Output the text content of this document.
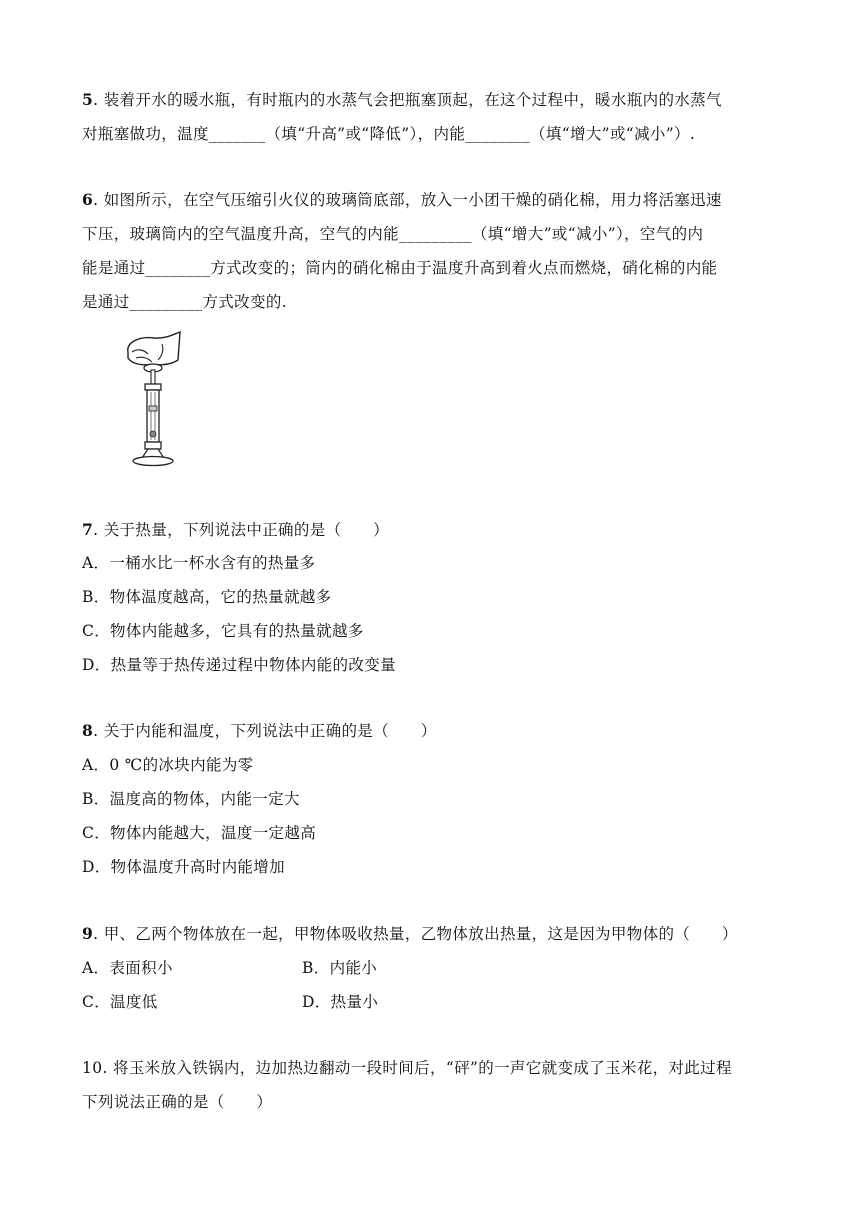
5. 装着开水的暖水瓶，有时瓶内的水蒸气会把瓶塞顶起，在这个过程中，暖水瓶内的水蒸气
对瓶塞做功，温度_______（填“升高”或“降低”），内能________（填“增大”或“减小”）.
6. 如图所示，在空气压缩引火仪的玻璃筒底部，放入一小团干燥的硝化棉，用力将活塞迅速
下压，玻璃筒内的空气温度升高，空气的内能_________（填“增大”或“减小”），空气的内
能是通过________方式改变的；筒内的硝化棉由于温度升高到着火点而燃烧，硝化棉的内能
是通过_________方式改变的.
7. 关于热量，下列说法中正确的是（　　）
A．一桶水比一杯水含有的热量多
B．物体温度越高，它的热量就越多
C．物体内能越多，它具有的热量就越多
D．热量等于热传递过程中物体内能的改变量
8. 关于内能和温度，下列说法中正确的是（　　）
A．0 ℃的冰块内能为零
B．温度高的物体，内能一定大
C．物体内能越大，温度一定越高
D．物体温度升高时内能增加
9. 甲、乙两个物体放在一起，甲物体吸收热量，乙物体放出热量，这是因为甲物体的（　　）
A．表面积小	B．内能小
C．温度低	D．热量小
10. 将玉米放入铁锅内，边加热边翻动一段时间后，“砰”的一声它就变成了玉米花，对此过程
下列说法正确的是（　　）
